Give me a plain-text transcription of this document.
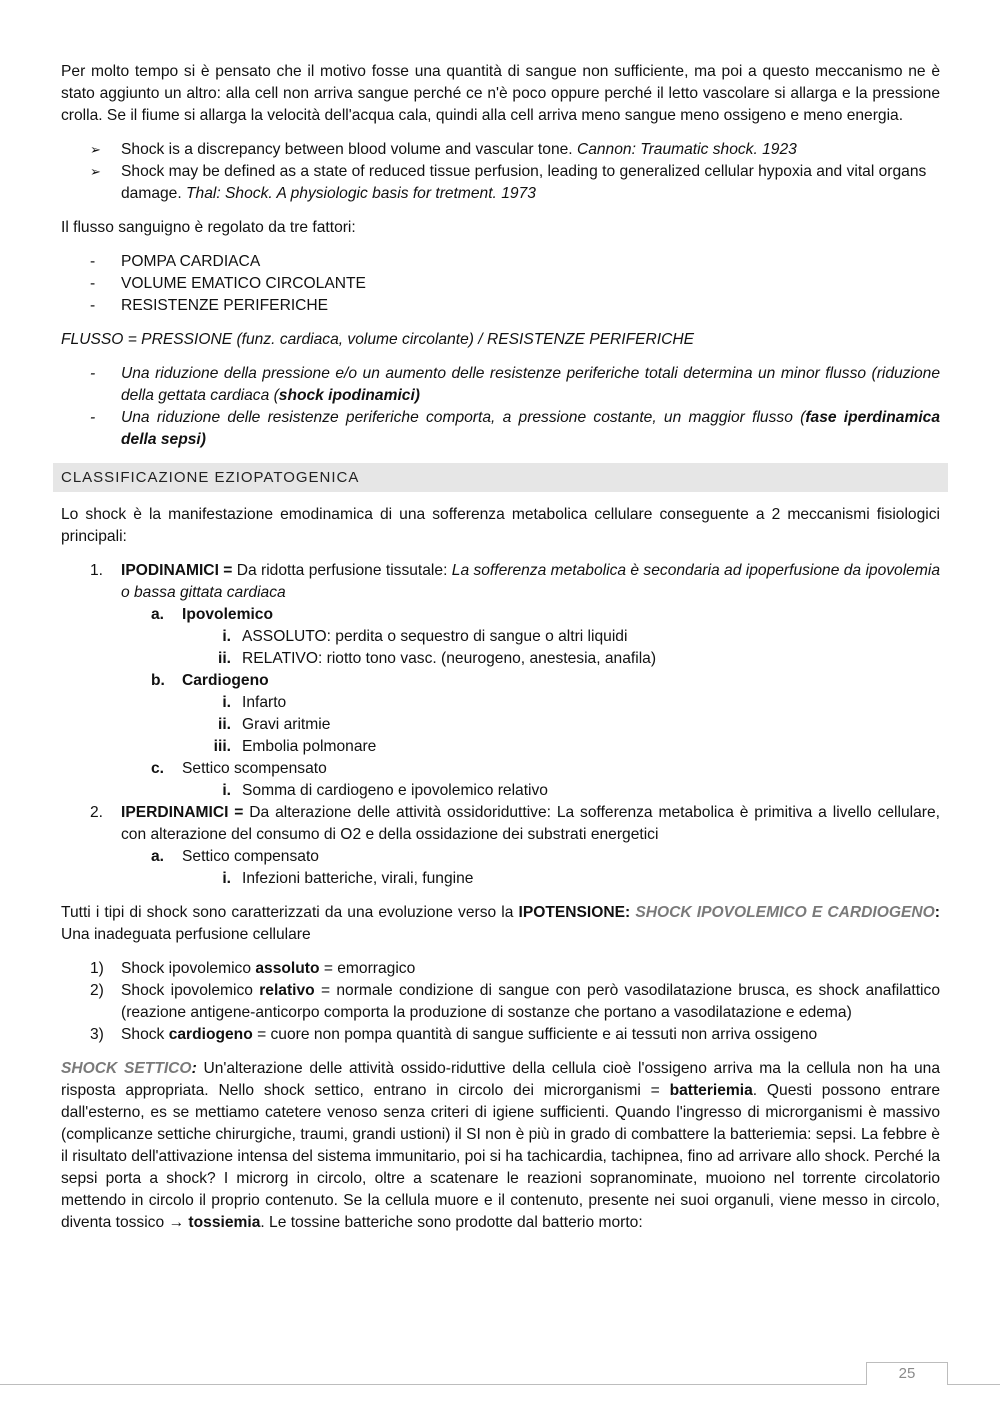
Per molto tempo si è pensato che il motivo fosse una quantità di sangue non sufficiente, ma poi a questo meccanismo ne è stato aggiunto un altro: alla cell non arriva sangue perché ce n'è poco oppure perché il letto vascolare si allarga e la pressione crolla. Se il fiume si allarga la velocità dell'acqua cala, quindi alla cell arriva meno sangue meno ossigeno e meno energia.

➢ Shock is a discrepancy between blood volume and vascular tone. Cannon: Traumatic shock. 1923
➢ Shock may be defined as a state of reduced tissue perfusion, leading to generalized cellular hypoxia and vital organs damage. Thal: Shock. A physiologic basis for tretment. 1973

Il flusso sanguigno è regolato da tre fattori:

- POMPA CARDIACA
- VOLUME EMATICO CIRCOLANTE
- RESISTENZE PERIFERICHE

FLUSSO = PRESSIONE (funz. cardiaca, volume circolante) / RESISTENZE PERIFERICHE

- Una riduzione della pressione e/o un aumento delle resistenze periferiche totali determina un minor flusso (riduzione della gettata cardiaca (shock ipodinamici)
- Una riduzione delle resistenze periferiche comporta, a pressione costante, un maggior flusso (fase iperdinamica della sepsi)
CLASSIFICAZIONE EZIOPATOGENICA

Lo shock è la manifestazione emodinamica di una sofferenza metabolica cellulare conseguente a 2 meccanismi fisiologici principali:

1. IPODINAMICI = Da ridotta perfusione tissutale: La sofferenza metabolica è secondaria ad ipoperfusione da ipovolemia o bassa gittata cardiaca
a. Ipovolemico
i. ASSOLUTO: perdita o sequestro di sangue o altri liquidi
ii. RELATIVO: riotto tono vasc. (neurogeno, anestesia, anafila)
b. Cardiogeno
i. Infarto
ii. Gravi aritmie
iii. Embolia polmonare
c. Settico scompensato
i. Somma di cardiogeno e ipovolemico relativo
2. IPERDINAMICI = Da alterazione delle attività ossidoriduttive: La sofferenza metabolica è primitiva a livello cellulare, con alterazione del consumo di O2 e della ossidazione dei substrati energetici
a. Settico compensato
i. Infezioni batteriche, virali, fungine

Tutti i tipi di shock sono caratterizzati da una evoluzione verso la IPOTENSIONE: SHOCK IPOVOLEMICO E CARDIOGENO: Una inadeguata perfusione cellulare

1) Shock ipovolemico assoluto = emorragico
2) Shock ipovolemico relativo = normale condizione di sangue con però vasodilatazione brusca, es shock anafilattico (reazione antigene-anticorpo comporta la produzione di sostanze che portano a vasodilatazione e edema)
3) Shock cardiogeno = cuore non pompa quantità di sangue sufficiente e ai tessuti non arriva ossigeno

SHOCK SETTICO: Un'alterazione delle attività ossido-riduttive della cellula cioè l'ossigeno arriva ma la cellula non ha una risposta appropriata. Nello shock settico, entrano in circolo dei microrganismi = batteriemia. Questi possono entrare dall'esterno, es se mettiamo catetere venoso senza criteri di igiene sufficienti. Quando l'ingresso di microrganismi è massivo (complicanze settiche chirurgiche, traumi, grandi ustioni) il SI non è più in grado di combattere la batteriemia: sepsi. La febbre è il risultato dell'attivazione intensa del sistema immunitario, poi si ha tachicardia, tachipnea, fino ad arrivare allo shock. Perché la sepsi porta a shock? I microrg in circolo, oltre a scatenare le reazioni sopranominate, muoiono nel torrente circolatorio mettendo in circolo il proprio contenuto. Se la cellula muore e il contenuto, presente nei suoi organuli, viene messo in circolo, diventa tossico → tossiemia. Le tossine batteriche sono prodotte dal batterio morto:

25
